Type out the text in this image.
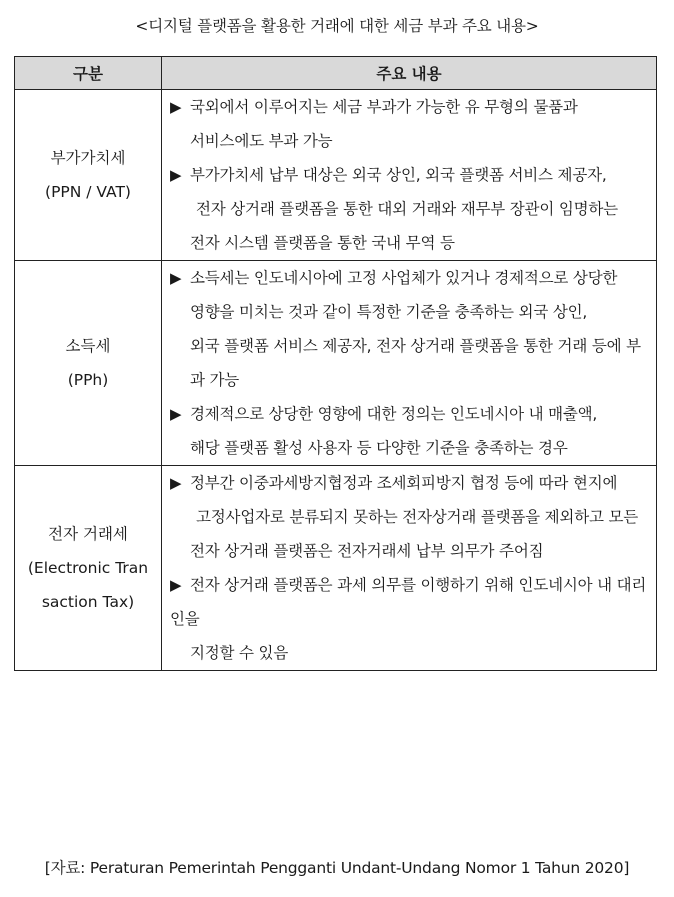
<디지털 플랫폼을 활용한 거래에 대한 세금 부과 주요 내용>
구분	주요 내용

부가가치세
(PPN / VAT)	▶ 국외에서 이루어지는 세금 부과가 가능한 유 무형의 물품과
서비스에도 부과 가능
▶ 부가가치세 납부 대상은 외국 상인, 외국 플랫폼 서비스 제공자,
전자 상거래 플랫폼을 통한 대외 거래와 재무부 장관이 임명하는
전자 시스템 플랫폼을 통한 국내 무역 등

소득세
(PPh)	▶ 소득세는 인도네시아에 고정 사업체가 있거나 경제적으로 상당한
영향을 미치는 것과 같이 특정한 기준을 충족하는 외국 상인,
외국 플랫폼 서비스 제공자, 전자 상거래 플랫폼을 통한 거래 등에 부과 가능
▶ 경제적으로 상당한 영향에 대한 정의는 인도네시아 내 매출액,
해당 플랫폼 활성 사용자 등 다양한 기준을 충족하는 경우

전자 거래세
(Electronic Tran
saction Tax)	▶ 정부간 이중과세방지협정과 조세회피방지 협정 등에 따라 현지에
고정사업자로 분류되지 못하는 전자상거래 플랫폼을 제외하고 모든
전자 상거래 플랫폼은 전자거래세 납부 의무가 주어짐
▶ 전자 상거래 플랫폼은 과세 의무를 이행하기 위해 인도네시아 내 대리인을
지정할 수 있음
[자료: Peraturan Pemerintah Pengganti Undant-Undang Nomor 1 Tahun 2020]
